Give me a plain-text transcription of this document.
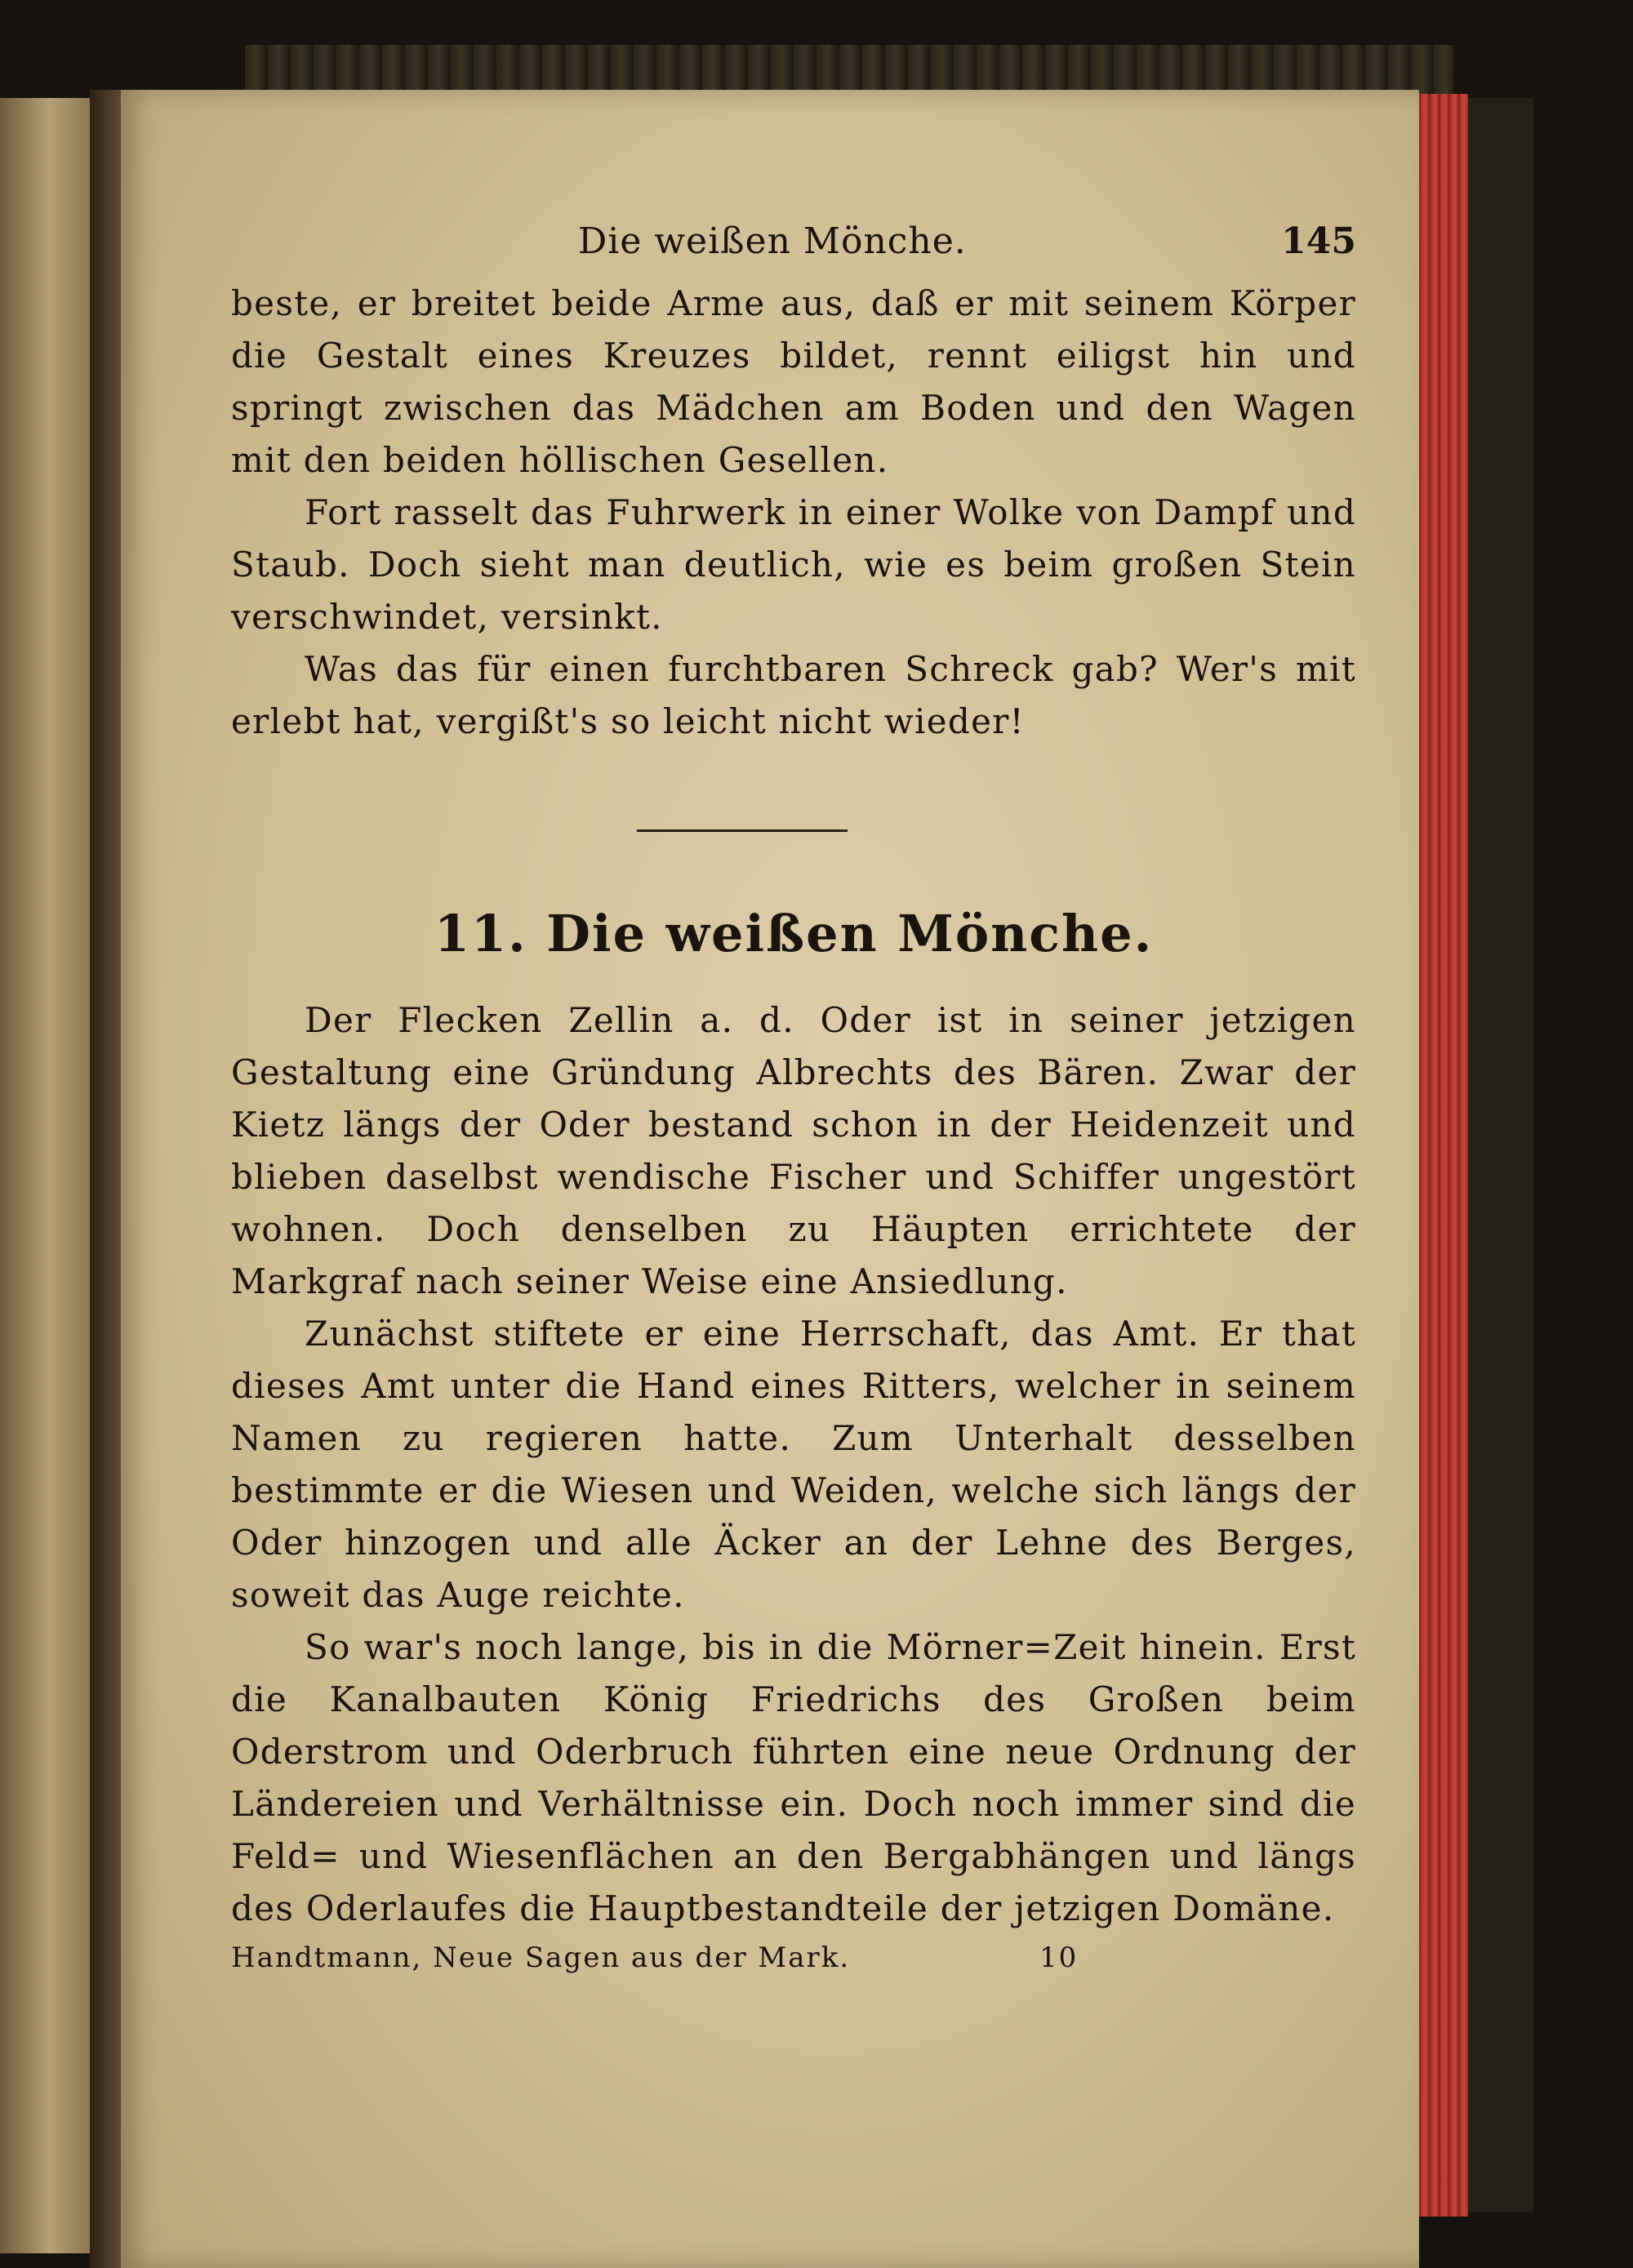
Die weißen Mönche.	145

beste, er breitet beide Arme aus, daß er mit seinem Körper die Gestalt eines Kreuzes bildet, rennt eiligst hin und springt zwischen das Mädchen am Boden und den Wagen mit den beiden höllischen Gesellen.

Fort rasselt das Fuhrwerk in einer Wolke von Dampf und Staub. Doch sieht man deutlich, wie es beim großen Stein verschwindet, versinkt.

Was das für einen furchtbaren Schreck gab? Wer's mit erlebt hat, vergißt's so leicht nicht wieder!

11. Die weißen Mönche.

Der Flecken Zellin a. d. Oder ist in seiner jetzigen Gestaltung eine Gründung Albrechts des Bären. Zwar der Kietz längs der Oder bestand schon in der Heidenzeit und blieben daselbst wendische Fischer und Schiffer ungestört wohnen. Doch denselben zu Häupten errichtete der Markgraf nach seiner Weise eine Ansiedlung.

Zunächst stiftete er eine Herrschaft, das Amt. Er that dieses Amt unter die Hand eines Ritters, welcher in seinem Namen zu regieren hatte. Zum Unterhalt desselben bestimmte er die Wiesen und Weiden, welche sich längs der Oder hinzogen und alle Äcker an der Lehne des Berges, soweit das Auge reichte.

So war's noch lange, bis in die Mörner=Zeit hinein. Erst die Kanalbauten König Friedrichs des Großen beim Oderstrom und Oderbruch führten eine neue Ordnung der Ländereien und Verhältnisse ein. Doch noch immer sind die Feld= und Wiesenflächen an den Bergabhängen und längs des Oderlaufes die Hauptbestandteile der jetzigen Domäne.

Handtmann, Neue Sagen aus der Mark.	10
